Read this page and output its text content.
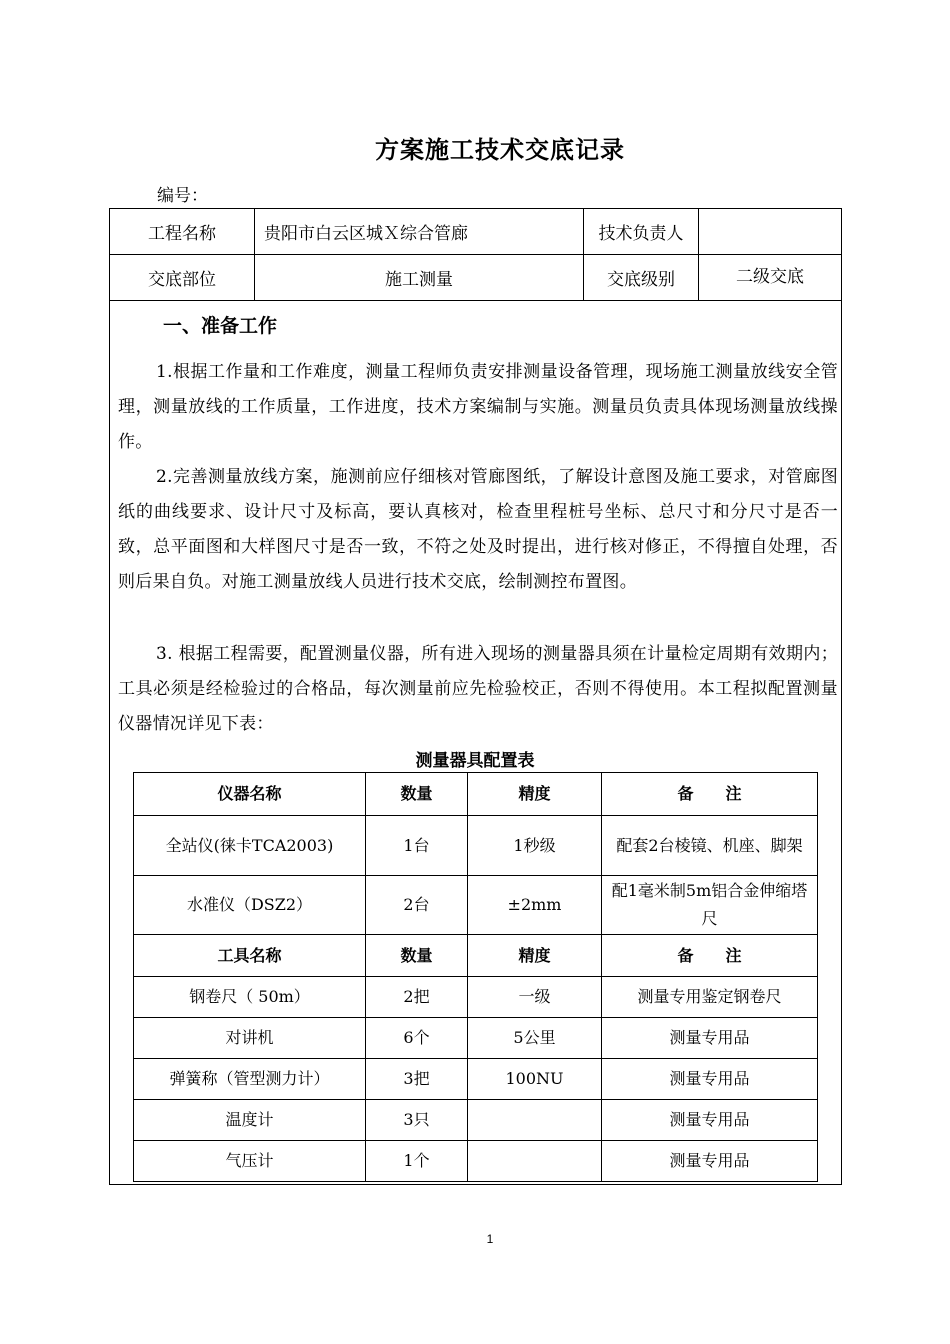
方案施工技术交底记录
编号：
工程名称	贵阳市白云区城Ｘ综合管廊	技术负责人
交底部位	施工测量	交底级别	二级交底
一、准备工作

1.根据工作量和工作难度，测量工程师负责安排测量设备管理，现场施工测量放线安全管理，测量放线的工作质量，工作进度，技术方案编制与实施。测量员负责具体现场测量放线操作。

2.完善测量放线方案，施测前应仔细核对管廊图纸，了解设计意图及施工要求，对管廊图纸的曲线要求、设计尺寸及标高，要认真核对，检查里程桩号坐标、总尺寸和分尺寸是否一致，总平面图和大样图尺寸是否一致，不符之处及时提出，进行核对修正，不得擅自处理，否则后果自负。对施工测量放线人员进行技术交底，绘制测控布置图。

3. 根据工程需要，配置测量仪器，所有进入现场的测量器具须在计量检定周期有效期内；工具必须是经检验过的合格品，每次测量前应先检验校正，否则不得使用。本工程拟配置测量仪器情况详见下表：

测量器具配置表
仪器名称	数量	精度	备　　注
全站仪(徕卡TCA2003)	1台	1秒级	配套2台棱镜、机座、脚架
水准仪（DSZ2）	2台	±2mm	配1毫米制5m铝合金伸缩塔尺
工具名称	数量	精度	备　　注
钢卷尺（ 50m）	2把	一级	测量专用鉴定钢卷尺
对讲机	6个	5公里	测量专用品
弹簧称（管型测力计）	3把	100NU	测量专用品
温度计	3只		测量专用品
气压计	1个		测量专用品
1
